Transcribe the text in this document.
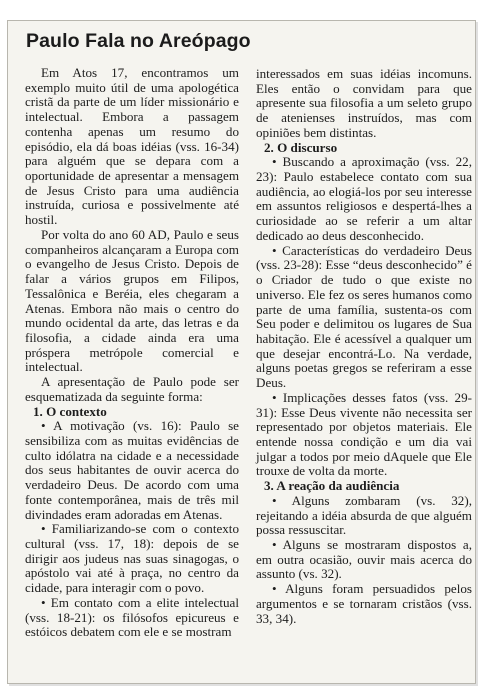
Paulo Fala no Areópago

Em Atos 17, encontramos um exemplo muito útil de uma apologética cristã da parte de um líder missionário e intelectual. Embora a passagem contenha apenas um resumo do episódio, ela dá boas idéias (vss. 16-34) para alguém que se depara com a oportunidade de apresentar a mensagem de Jesus Cristo para uma audiência instruída, curiosa e possivelmente até hostil.

Por volta do ano 60 AD, Paulo e seus companheiros alcançaram a Europa com o evangelho de Jesus Cristo. Depois de falar a vários grupos em Filipos, Tessalônica e Beréia, eles chegaram a Atenas. Embora não mais o centro do mundo ocidental da arte, das letras e da filosofia, a cidade ainda era uma próspera metrópole comercial e intelectual.

A apresentação de Paulo pode ser esquematizada da seguinte forma:

1. O contexto

• A motivação (vs. 16): Paulo se sensibiliza com as muitas evidências de culto idólatra na cidade e a necessidade dos seus habitantes de ouvir acerca do verdadeiro Deus. De acordo com uma fonte contemporânea, mais de três mil divindades eram adoradas em Atenas.

• Familiarizando-se com o contexto cultural (vss. 17, 18): depois de se dirigir aos judeus nas suas sinagogas, o apóstolo vai até à praça, no centro da cidade, para interagir com o povo.

• Em contato com a elite intelectual (vss. 18-21): os filósofos epicureus e estóicos debatem com ele e se mostram

interessados em suas idéias incomuns. Eles então o convidam para que apresente sua filosofia a um seleto grupo de atenienses instruídos, mas com opiniões bem distintas.

2. O discurso

• Buscando a aproximação (vss. 22, 23): Paulo estabelece contato com sua audiência, ao elogiá-los por seu interesse em assuntos religiosos e despertá-lhes a curiosidade ao se referir a um altar dedicado ao deus desconhecido.

• Características do verdadeiro Deus (vss. 23-28): Esse “deus desconhecido” é o Criador de tudo o que existe no universo. Ele fez os seres humanos como parte de uma família, sustenta-os com Seu poder e delimitou os lugares de Sua habitação. Ele é acessível a qualquer um que desejar encontrá-Lo. Na verdade, alguns poetas gregos se referiram a esse Deus.

• Implicações desses fatos (vss. 29-31): Esse Deus vivente não necessita ser representado por objetos materiais. Ele entende nossa condição e um dia vai julgar a todos por meio dAquele que Ele trouxe de volta da morte.

3. A reação da audiência

• Alguns zombaram (vs. 32), rejeitando a idéia absurda de que alguém possa ressuscitar.

• Alguns se mostraram dispostos a, em outra ocasião, ouvir mais acerca do assunto (vs. 32).

• Alguns foram persuadidos pelos argumentos e se tornaram cristãos (vss. 33, 34).
